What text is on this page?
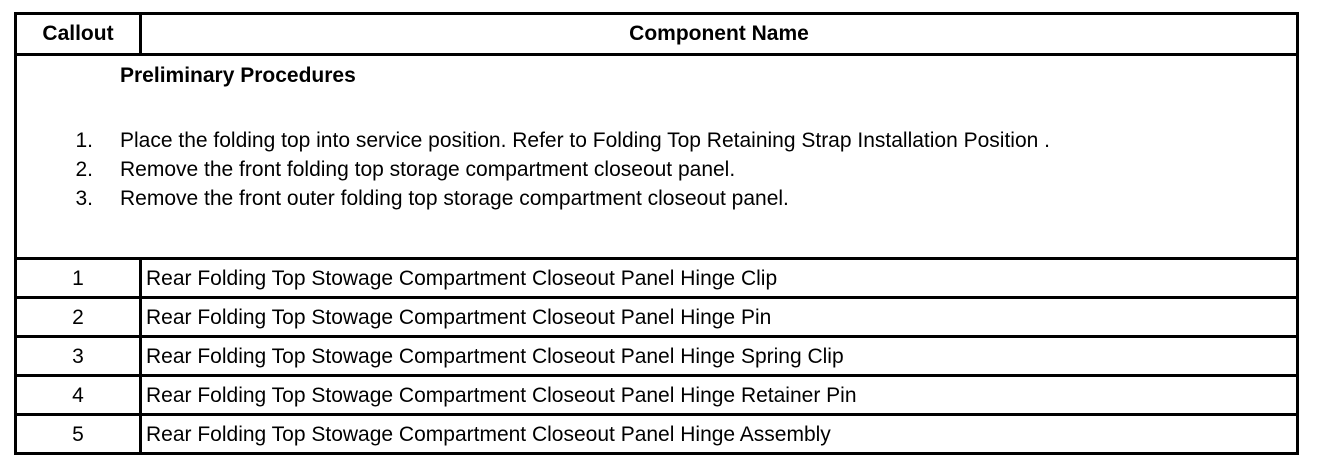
Callout	Component Name
Preliminary Procedures
1. Place the folding top into service position. Refer to Folding Top Retaining Strap Installation Position .
2. Remove the front folding top storage compartment closeout panel.
3. Remove the front outer folding top storage compartment closeout panel.
1	Rear Folding Top Stowage Compartment Closeout Panel Hinge Clip
2	Rear Folding Top Stowage Compartment Closeout Panel Hinge Pin
3	Rear Folding Top Stowage Compartment Closeout Panel Hinge Spring Clip
4	Rear Folding Top Stowage Compartment Closeout Panel Hinge Retainer Pin
5	Rear Folding Top Stowage Compartment Closeout Panel Hinge Assembly
